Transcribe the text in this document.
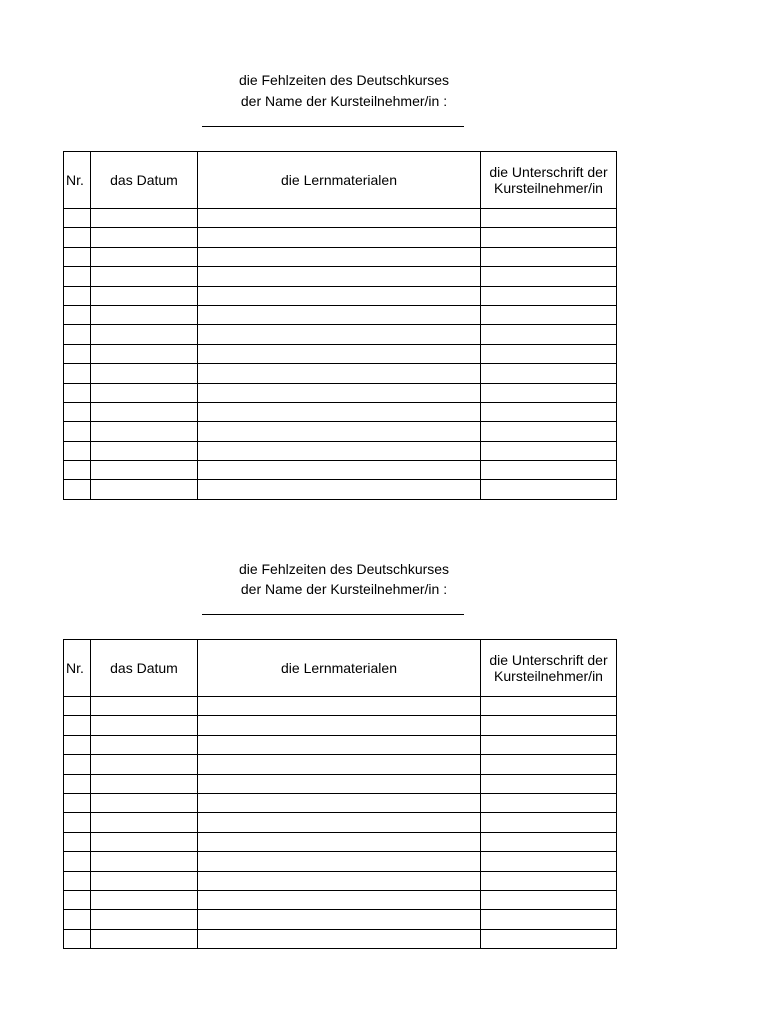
die Fehlzeiten des Deutschkurses
der Name der Kursteilnehmer/in :
Nr.	das Datum	die Lernmaterialen	die Unterschrift der Kursteilnehmer/in

die Fehlzeiten des Deutschkurses
der Name der Kursteilnehmer/in :
Nr.	das Datum	die Lernmaterialen	die Unterschrift der Kursteilnehmer/in
